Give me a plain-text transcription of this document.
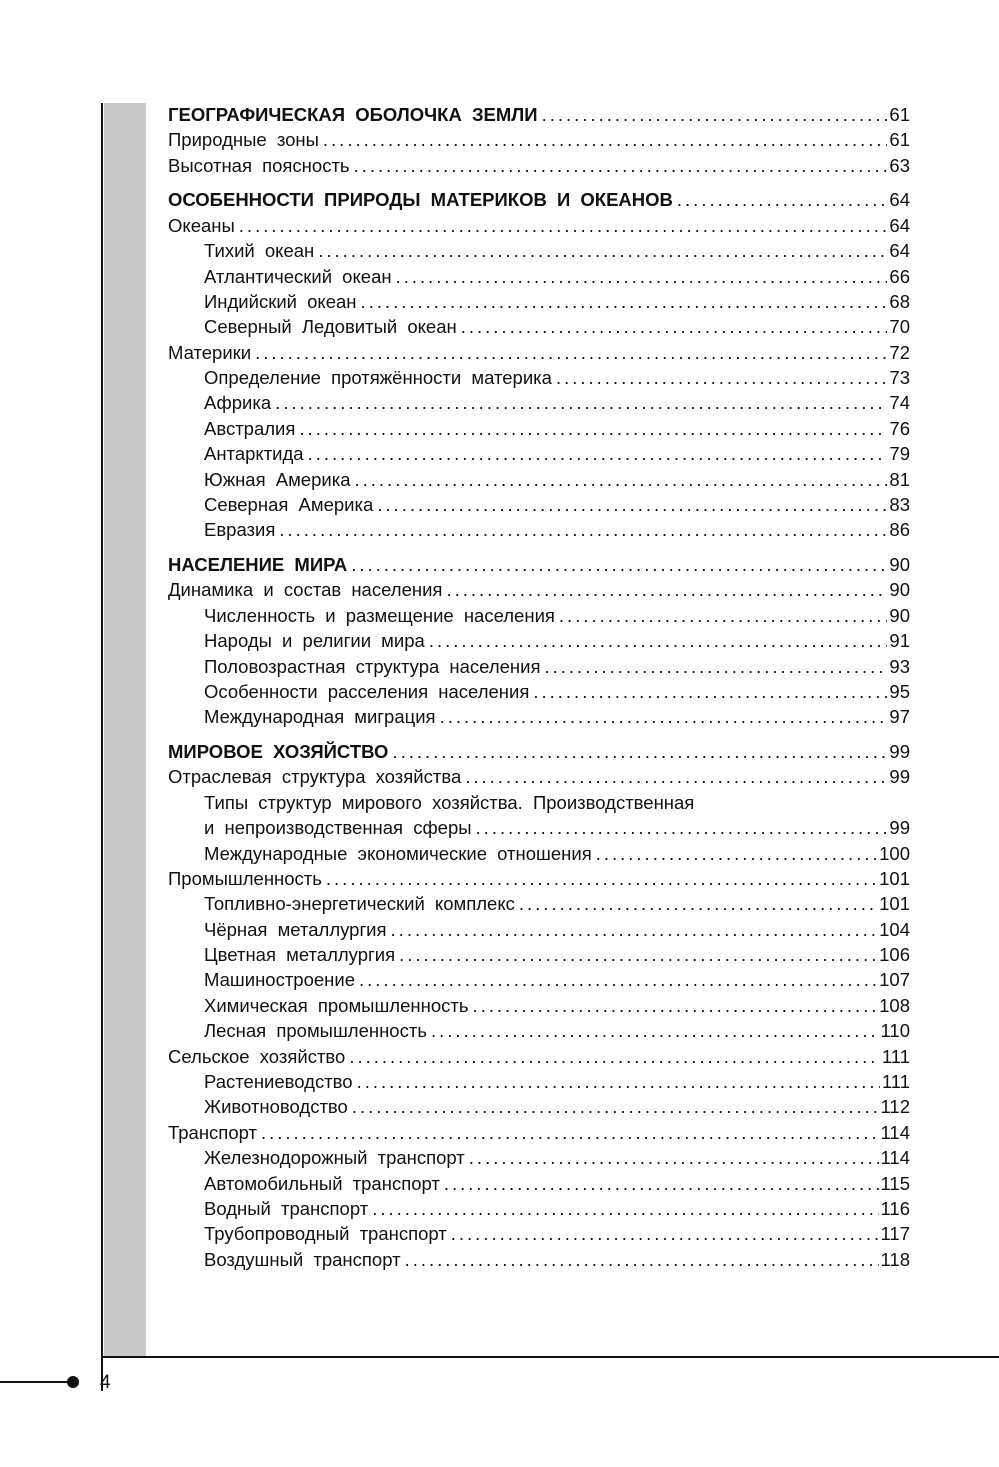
4
ГЕОГРАФИЧЕСКАЯ ОБОЛОЧКА ЗЕМЛИ .....	61
Природные зоны .....	61
Высотная поясность .....	63
ОСОБЕННОСТИ ПРИРОДЫ МАТЕРИКОВ И ОКЕАНОВ .....	64
Океаны .....	64
Тихий океан .....	64
Атлантический океан .....	66
Индийский океан .....	68
Северный Ледовитый океан .....	70
Материки .....	72
Определение протяжённости материка .....	73
Африка .....	74
Австралия .....	76
Антарктида .....	79
Южная Америка .....	81
Северная Америка .....	83
Евразия .....	86
НАСЕЛЕНИЕ МИРА .....	90
Динамика и состав населения .....	90
Численность и размещение населения .....	90
Народы и религии мира .....	91
Половозрастная структура населения .....	93
Особенности расселения населения .....	95
Международная миграция .....	97
МИРОВОЕ ХОЗЯЙСТВО .....	99
Отраслевая структура хозяйства .....	99
Типы структур мирового хозяйства. Производственная
и непроизводственная сферы .....	99
Международные экономические отношения .....	100
Промышленность .....	101
Топливно-энергетический комплекс .....	101
Чёрная металлургия .....	104
Цветная металлургия .....	106
Машиностроение .....	107
Химическая промышленность .....	108
Лесная промышленность .....	110
Сельское хозяйство .....	111
Растениеводство .....	111
Животноводство .....	112
Транспорт .....	114
Железнодорожный транспорт .....	114
Автомобильный транспорт .....	115
Водный транспорт .....	116
Трубопроводный транспорт .....	117
Воздушный транспорт .....	118
